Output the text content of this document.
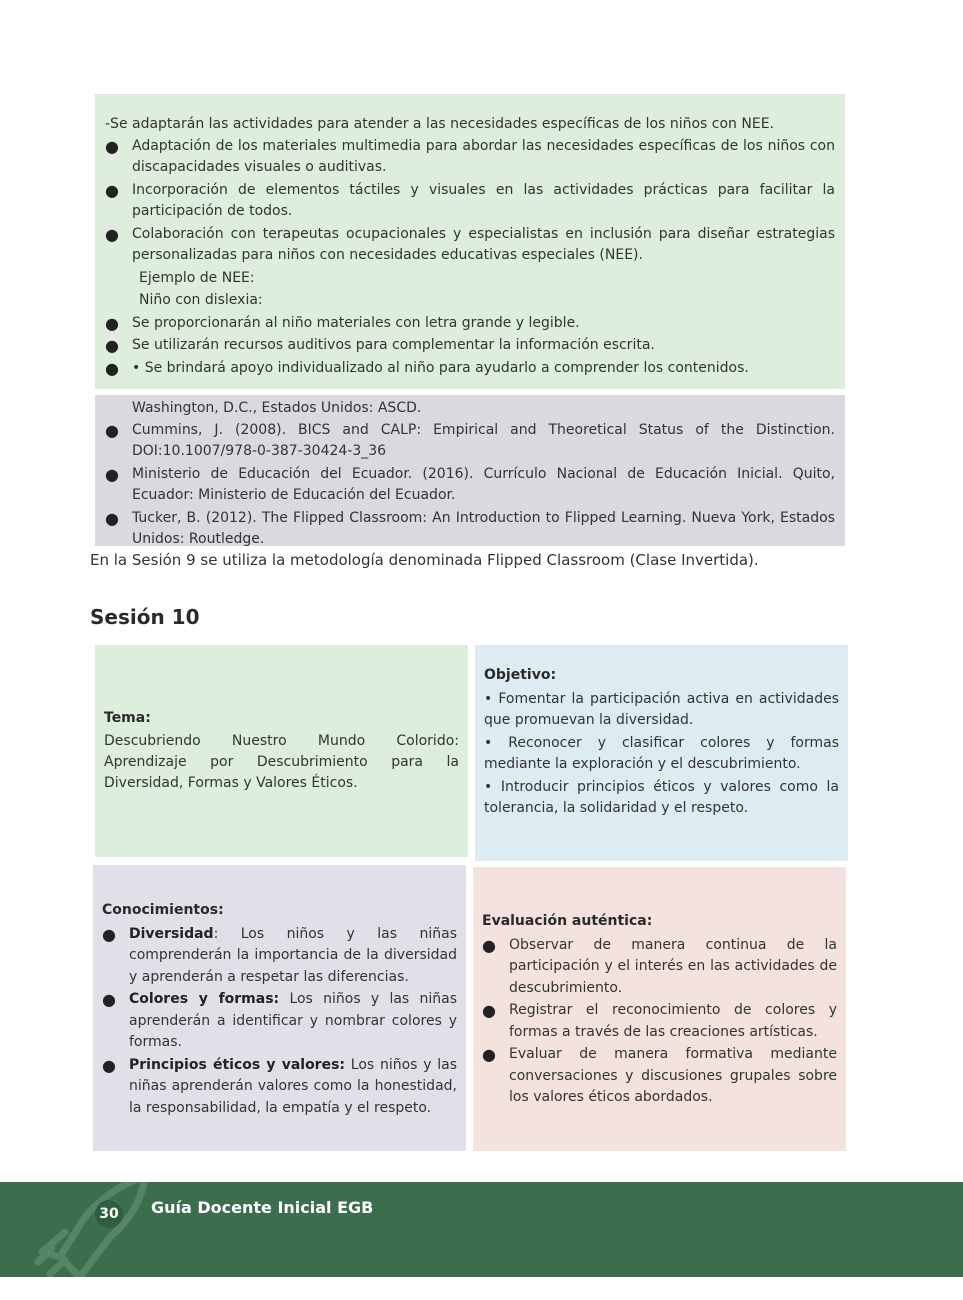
-Se adaptarán las actividades para atender a las necesidades específicas de los niños con NEE.
● Adaptación de los materiales multimedia para abordar las necesidades específicas de los niños con discapacidades visuales o auditivas.
● Incorporación de elementos táctiles y visuales en las actividades prácticas para facilitar la participación de todos.
● Colaboración con terapeutas ocupacionales y especialistas en inclusión para diseñar estrategias personalizadas para niños con necesidades educativas especiales (NEE).
Ejemplo de NEE:
Niño con dislexia:
● Se proporcionarán al niño materiales con letra grande y legible.
● Se utilizarán recursos auditivos para complementar la información escrita.
● • Se brindará apoyo individualizado al niño para ayudarlo a comprender los contenidos.
Washington, D.C., Estados Unidos: ASCD.
● Cummins, J. (2008). BICS and CALP: Empirical and Theoretical Status of the Distinction. DOI:10.1007/978-0-387-30424-3_36
● Ministerio de Educación del Ecuador. (2016). Currículo Nacional de Educación Inicial. Quito, Ecuador: Ministerio de Educación del Ecuador.
● Tucker, B. (2012). The Flipped Classroom: An Introduction to Flipped Learning. Nueva York, Estados Unidos: Routledge.
En la Sesión 9 se utiliza la metodología denominada Flipped Classroom (Clase Invertida).
Sesión 10
Tema:
Descubriendo Nuestro Mundo Colorido: Aprendizaje por Descubrimiento para la Diversidad, Formas y Valores Éticos.
Objetivo:
• Fomentar la participación activa en actividades que promuevan la diversidad.
• Reconocer y clasificar colores y formas mediante la exploración y el descubrimiento.
• Introducir principios éticos y valores como la tolerancia, la solidaridad y el respeto.
Conocimientos:
● Diversidad: Los niños y las niñas comprenderán la importancia de la diversidad y aprenderán a respetar las diferencias.
● Colores y formas: Los niños y las niñas aprenderán a identificar y nombrar colores y formas.
● Principios éticos y valores: Los niños y las niñas aprenderán valores como la honestidad, la responsabilidad, la empatía y el respeto.
Evaluación auténtica:
● Observar de manera continua de la participación y el interés en las actividades de descubrimiento.
● Registrar el reconocimiento de colores y formas a través de las creaciones artísticas.
● Evaluar de manera formativa mediante conversaciones y discusiones grupales sobre los valores éticos abordados.
30 Guía Docente Inicial EGB
